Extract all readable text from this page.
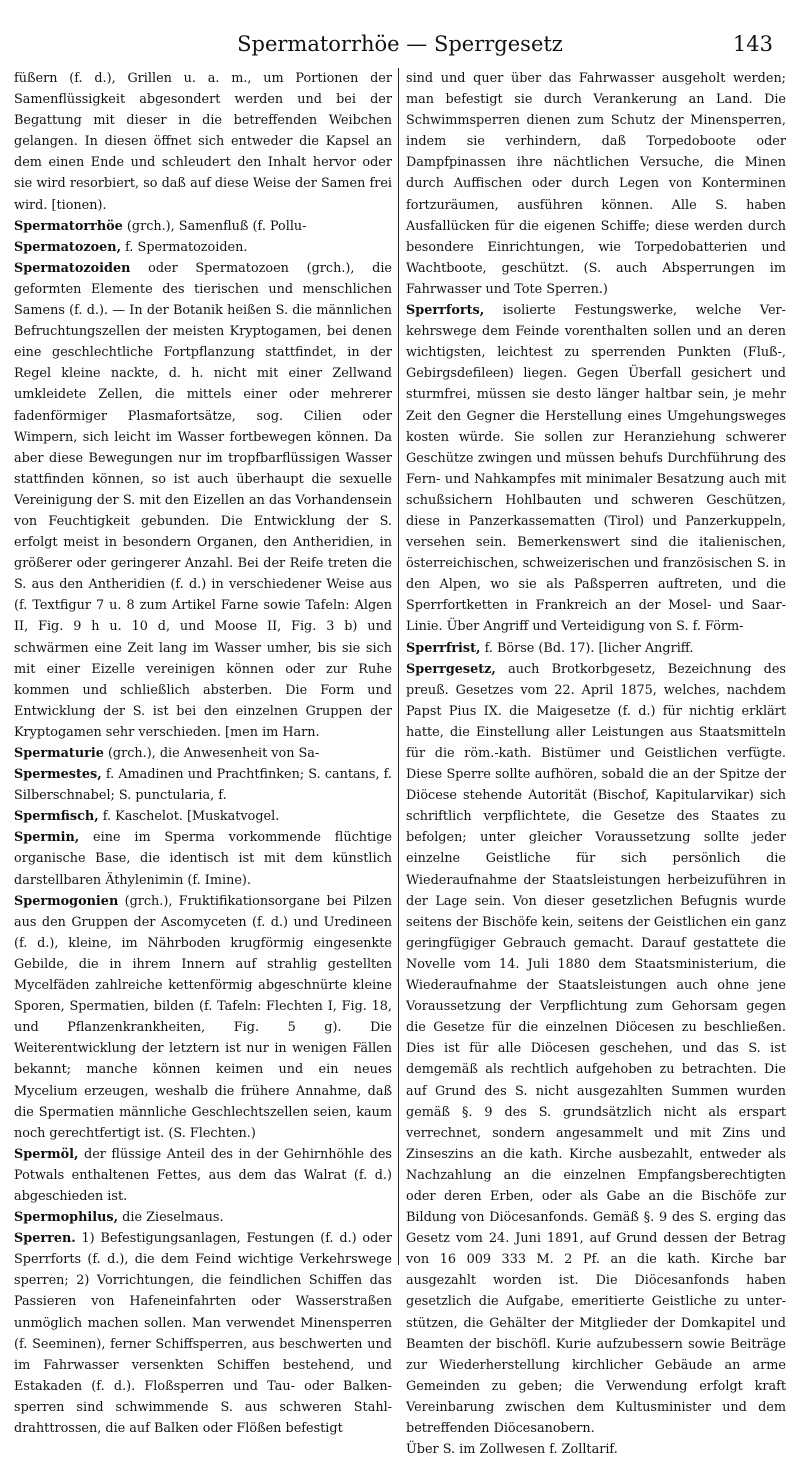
Spermatorrhöe — Sperrgesetz	143

füßern (f. d.), Grillen u. a. m., um Portionen der Samenflüssigkeit abgesondert werden und bei der Begattung mit dieser in die betreffenden Weibchen gelangen. In diesen öffnet sich entweder die Kapsel an dem einen Ende und schleudert den Inhalt hervor oder sie wird resorbiert, so daß auf diese Weise der Samen frei wird. [tionen).

Spermatorrhöe (grch.), Samenfluß (f. Pollu-

Spermatozoen, f. Spermatozoiden.

Spermatozoiden oder Spermatozoen (grch.), die geformten Elemente des tierischen und menschlichen Samens (f. d.). — In der Botanik heißen S. die männlichen Befruchtungszellen der meisten Kryptogamen, bei denen eine geschlechtliche Fortpflanzung stattfindet, in der Regel kleine nackte, d. h. nicht mit einer Zellwand umkleidete Zellen, die mittels einer oder mehrerer fadenförmiger Plasmafortsätze, sog. Cilien oder Wimpern, sich leicht im Wasser fortbewegen können. Da aber diese Bewegungen nur im tropfbarflüssigen Wasser stattfinden können, so ist auch überhaupt die sexuelle Vereinigung der S. mit den Eizellen an das Vorhandensein von Feuchtigkeit gebunden. Die Entwicklung der S. erfolgt meist in besondern Organen, den Antheridien, in größerer oder geringerer Anzahl. Bei der Reife treten die S. aus den Antheridien (f. d.) in verschiedener Weise aus (f. Textfigur 7 u. 8 zum Artikel Farne sowie Tafeln: Algen II, Fig. 9 h u. 10 d, und Moose II, Fig. 3 b) und schwärmen eine Zeit lang im Wasser umher, bis sie sich mit einer Eizelle vereinigen können oder zur Ruhe kommen und schließlich absterben. Die Form und Entwicklung der S. ist bei den einzelnen Gruppen der Kryptogamen sehr verschieden. [men im Harn.

Spermaturie (grch.), die Anwesenheit von Sa-

Spermestes, f. Amadinen und Prachtfinken; S. cantans, f. Silberschnabel; S. punctularia, f.

Spermfisch, f. Kaschelot. [Muskatvogel.

Spermin, eine im Sperma vorkommende flüchtige organische Base, die identisch ist mit dem künstlich darstellbaren Äthylenimin (f. Imine).

Spermogonien (grch.), Fruktifikationsorgane bei Pilzen aus den Gruppen der Ascomyceten (f. d.) und Uredineen (f. d.), kleine, im Nährboden krugförmig eingesenkte Gebilde, die in ihrem Innern auf strahlig gestellten Mycelfäden zahlreiche kettenförmig abgeschnürte kleine Sporen, Spermatien, bilden (f. Tafeln: Flechten I, Fig. 18, und Pflanzenkrankheiten, Fig. 5 g). Die Weiterentwicklung der letztern ist nur in wenigen Fällen bekannt; manche können keimen und ein neues Mycelium erzeugen, weshalb die frühere Annahme, daß die Spermatien männliche Geschlechtszellen seien, kaum noch gerechtfertigt ist. (S. Flechten.)

Spermöl, der flüssige Anteil des in der Gehirnhöhle des Potwals enthaltenen Fettes, aus dem das Walrat (f. d.) abgeschieden ist.

Spermophilus, die Zieselmaus.

Sperren. 1) Befestigungsanlagen, Festungen (f. d.) oder Sperrforts (f. d.), die dem Feind wichtige Verkehrswege sperren; 2) Vorrichtungen, die feindlichen Schiffen das Passieren von Hafeneinfahrten oder Wasserstraßen unmöglich machen sollen. Man verwendet Minensperren (f. Seeminen), ferner Schiffsperren, aus beschwerten und im Fahrwasser versenkten Schiffen bestehend, und Estakaden (f. d.). Floßsperren und Tau- oder Balkensperren sind schwimmende S. aus schweren Stahldrahttrossen, die auf Balken oder Flößen befestigt

sind und quer über das Fahrwasser ausgeholt werden; man befestigt sie durch Verankerung an Land. Die Schwimmsperren dienen zum Schutz der Minensperren, indem sie verhindern, daß Torpedoboote oder Dampfpinassen ihre nächtlichen Versuche, die Minen durch Auffischen oder durch Legen von Konterminen fortzuräumen, ausführen können. Alle S. haben Ausfallücken für die eigenen Schiffe; diese werden durch besondere Einrichtungen, wie Torpedobatterien und Wachtboote, geschützt. (S. auch Absperrungen im Fahrwasser und Tote Sperren.)

Sperrforts, isolierte Festungswerke, welche Verkehrswege dem Feinde vorenthalten sollen und an deren wichtigsten, leichtest zu sperrenden Punkten (Fluß-, Gebirgsdefileen) liegen. Gegen Überfall gesichert und sturmfrei, müssen sie desto länger haltbar sein, je mehr Zeit den Gegner die Herstellung eines Umgehungsweges kosten würde. Sie sollen zur Heranziehung schwerer Geschütze zwingen und müssen behufs Durchführung des Fern- und Nahkampfes mit minimaler Besatzung auch mit schußsichern Hohlbauten und schweren Geschützen, diese in Panzerkassematten (Tirol) und Panzerkuppeln, versehen sein. Bemerkenswert sind die italienischen, österreichischen, schweizerischen und französischen S. in den Alpen, wo sie als Paßsperren auftreten, und die Sperrfortketten in Frankreich an der Mosel- und Saar-Linie. Über Angriff und Verteidigung von S. f. Förm-

Sperrfrist, f. Börse (Bd. 17). [licher Angriff.

Sperrgesetz, auch Brotkorbgesetz, Bezeichnung des preuß. Gesetzes vom 22. April 1875, welches, nachdem Papst Pius IX. die Maigesetze (f. d.) für nichtig erklärt hatte, die Einstellung aller Leistungen aus Staatsmitteln für die röm.-kath. Bistümer und Geistlichen verfügte. Diese Sperre sollte aufhören, sobald die an der Spitze der Diöcese stehende Autorität (Bischof, Kapitularvikar) sich schriftlich verpflichtete, die Gesetze des Staates zu befolgen; unter gleicher Voraussetzung sollte jeder einzelne Geistliche für sich persönlich die Wiederaufnahme der Staatsleistungen herbeizuführen in der Lage sein. Von dieser gesetzlichen Befugnis wurde seitens der Bischöfe kein, seitens der Geistlichen ein ganz geringfügiger Gebrauch gemacht. Darauf gestattete die Novelle vom 14. Juli 1880 dem Staatsministerium, die Wiederaufnahme der Staatsleistungen auch ohne jene Voraussetzung der Verpflichtung zum Gehorsam gegen die Gesetze für die einzelnen Diöcesen zu beschließen. Dies ist für alle Diöcesen geschehen, und das S. ist demgemäß als rechtlich aufgehoben zu betrachten. Die auf Grund des S. nicht ausgezahlten Summen wurden gemäß §. 9 des S. grundsätzlich nicht als erspart verrechnet, sondern angesammelt und mit Zins und Zinseszins an die kath. Kirche ausbezahlt, entweder als Nachzahlung an die einzelnen Empfangsberechtigten oder deren Erben, oder als Gabe an die Bischöfe zur Bildung von Diöcesanfonds. Gemäß §. 9 des S. erging das Gesetz vom 24. Juni 1891, auf Grund dessen der Betrag von 16 009 333 M. 2 Pf. an die kath. Kirche bar ausgezahlt worden ist. Die Diöcesanfonds haben gesetzlich die Aufgabe, emeritierte Geistliche zu unterstützen, die Gehälter der Mitglieder der Domkapitel und Beamten der bischöfl. Kurie aufzubessern sowie Beiträge zur Wiederherstellung kirchlicher Gebäude an arme Gemeinden zu geben; die Verwendung erfolgt kraft Vereinbarung zwischen dem Kultusminister und dem betreffenden Diöcesanobern.

Über S. im Zollwesen f. Zolltarif.
